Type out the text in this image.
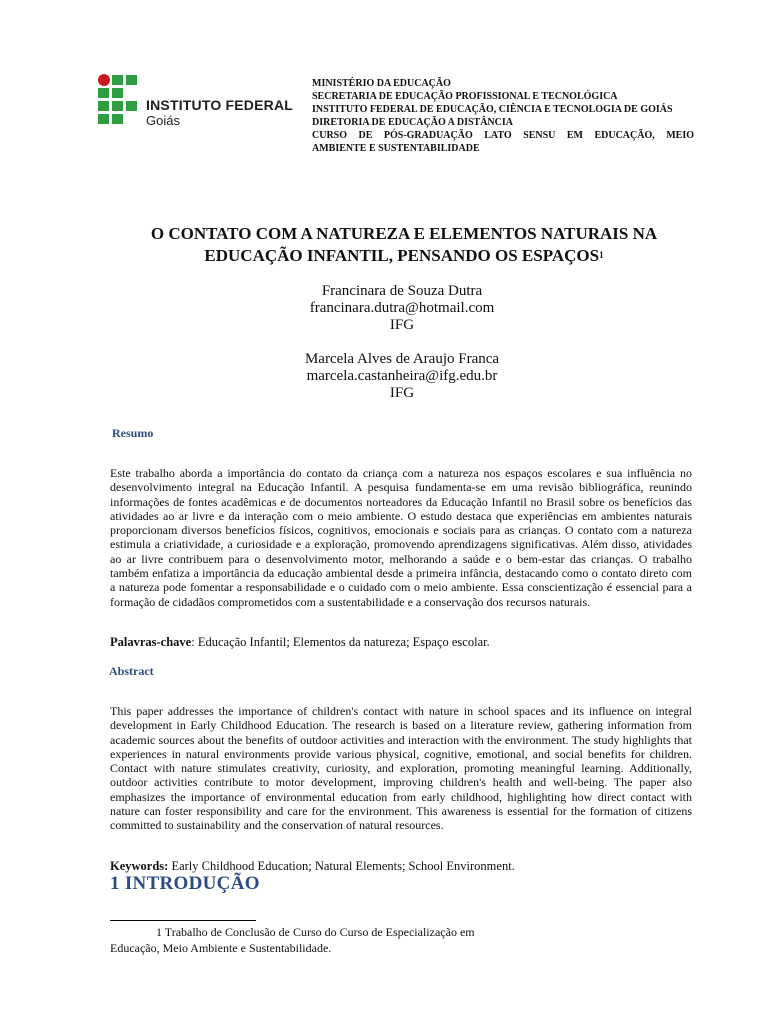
INSTITUTO FEDERAL
Goiás
MINISTÉRIO DA EDUCAÇÃO
SECRETARIA DE EDUCAÇÃO PROFISSIONAL E TECNOLÓGICA
INSTITUTO FEDERAL DE EDUCAÇÃO, CIÊNCIA E TECNOLOGIA DE GOIÁS
DIRETORIA DE EDUCAÇÃO A DISTÂNCIA
CURSO DE PÓS-GRADUAÇÃO LATO SENSU EM EDUCAÇÃO, MEIO
AMBIENTE E SUSTENTABILIDADE
O CONTATO COM A NATUREZA E ELEMENTOS NATURAIS NA
EDUCAÇÃO INFANTIL, PENSANDO OS ESPAÇOS$^1$
Francinara de Souza Dutra
francinara.dutra@hotmail.com
IFG
Marcela Alves de Araujo Franca
marcela.castanheira@ifg.edu.br
IFG
Resumo

Este trabalho aborda a importância do contato da criança com a natureza nos espaços escolares e sua influência no desenvolvimento integral na Educação Infantil. A pesquisa fundamenta-se em uma revisão bibliográfica, reunindo informações de fontes acadêmicas e de documentos norteadores da Educação Infantil no Brasil sobre os benefícios das atividades ao ar livre e da interação com o meio ambiente. O estudo destaca que experiências em ambientes naturais proporcionam diversos benefícios físicos, cognitivos, emocionais e sociais para as crianças. O contato com a natureza estimula a criatividade, a curiosidade e a exploração, promovendo aprendizagens significativas. Além disso, atividades ao ar livre contribuem para o desenvolvimento motor, melhorando a saúde e o bem-estar das crianças. O trabalho também enfatiza a importância da educação ambiental desde a primeira infância, destacando como o contato direto com a natureza pode fomentar a responsabilidade e o cuidado com o meio ambiente. Essa conscientização é essencial para a formação de cidadãos comprometidos com a sustentabilidade e a conservação dos recursos naturais.

Palavras-chave: Educação Infantil; Elementos da natureza; Espaço escolar.
Abstract

This paper addresses the importance of children's contact with nature in school spaces and its influence on integral development in Early Childhood Education. The research is based on a literature review, gathering information from academic sources about the benefits of outdoor activities and interaction with the environment. The study highlights that experiences in natural environments provide various physical, cognitive, emotional, and social benefits for children. Contact with nature stimulates creativity, curiosity, and exploration, promoting meaningful learning. Additionally, outdoor activities contribute to motor development, improving children's health and well-being. The paper also emphasizes the importance of environmental education from early childhood, highlighting how direct contact with nature can foster responsibility and care for the environment. This awareness is essential for the formation of citizens committed to sustainability and the conservation of natural resources.

Keywords: Early Childhood Education; Natural Elements; School Environment.
1 INTRODUÇÃO
1 Trabalho de Conclusão de Curso do Curso de Especialização em
Educação, Meio Ambiente e Sustentabilidade.
